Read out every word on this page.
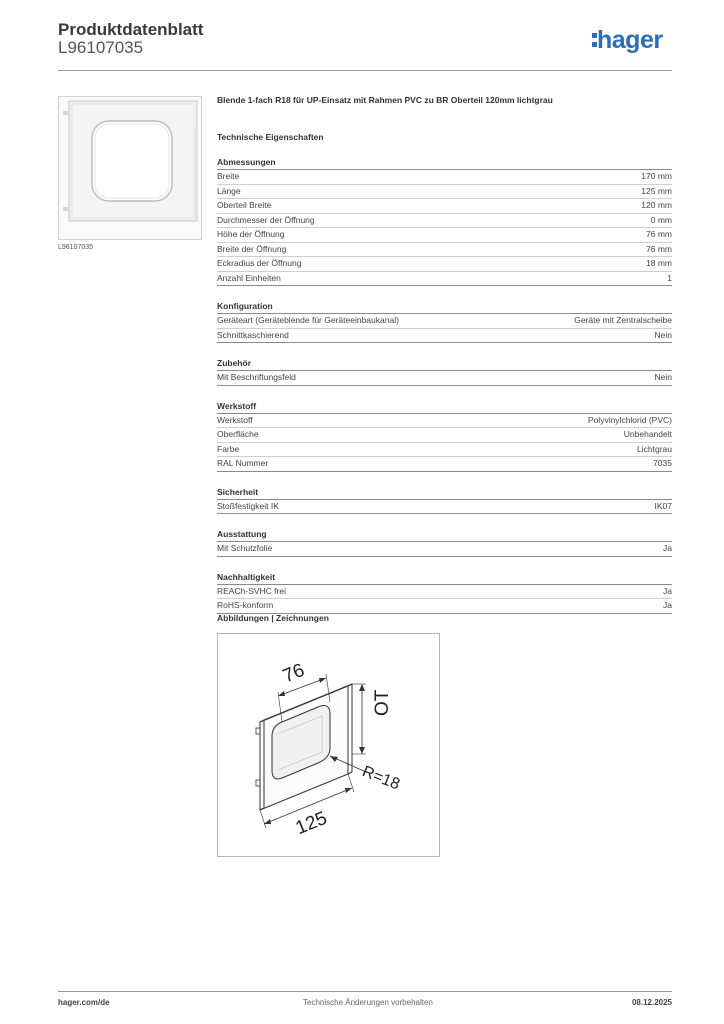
Produktdatenblatt
L96107035	hager
L96107035
Blende 1-fach R18 für UP-Einsatz mit Rahmen PVC zu BR Oberteil 120mm lichtgrau
Technische Eigenschaften
Abmessungen
Breite	170 mm
Länge	125 mm
Oberteil Breite	120 mm
Durchmesser der Öffnung	0 mm
Höhe der Öffnung	76 mm
Breite der Öffnung	76 mm
Eckradius der Öffnung	18 mm
Anzahl Einheiten	1
Konfiguration
Geräteart (Geräteblende für Geräteeinbaukanal)	Geräte mit Zentralscheibe
Schnittkaschierend	Nein
Zubehör
Mit Beschriftungsfeld	Nein
Werkstoff
Werkstoff	Polyvinylchlorid (PVC)
Oberfläche	Unbehandelt
Farbe	Lichtgrau
RAL Nummer	7035
Sicherheit
Stoßfestigkeit IK	IK07
Ausstattung
Mit Schutzfolie	Ja
Nachhaltigkeit
REACh-SVHC frei	Ja
RoHS-konform	Ja
Abbildungen | Zeichnungen
76
OT
R=18
125
hager.com/de	Technische Änderungen vorbehalten	08.12.2025
